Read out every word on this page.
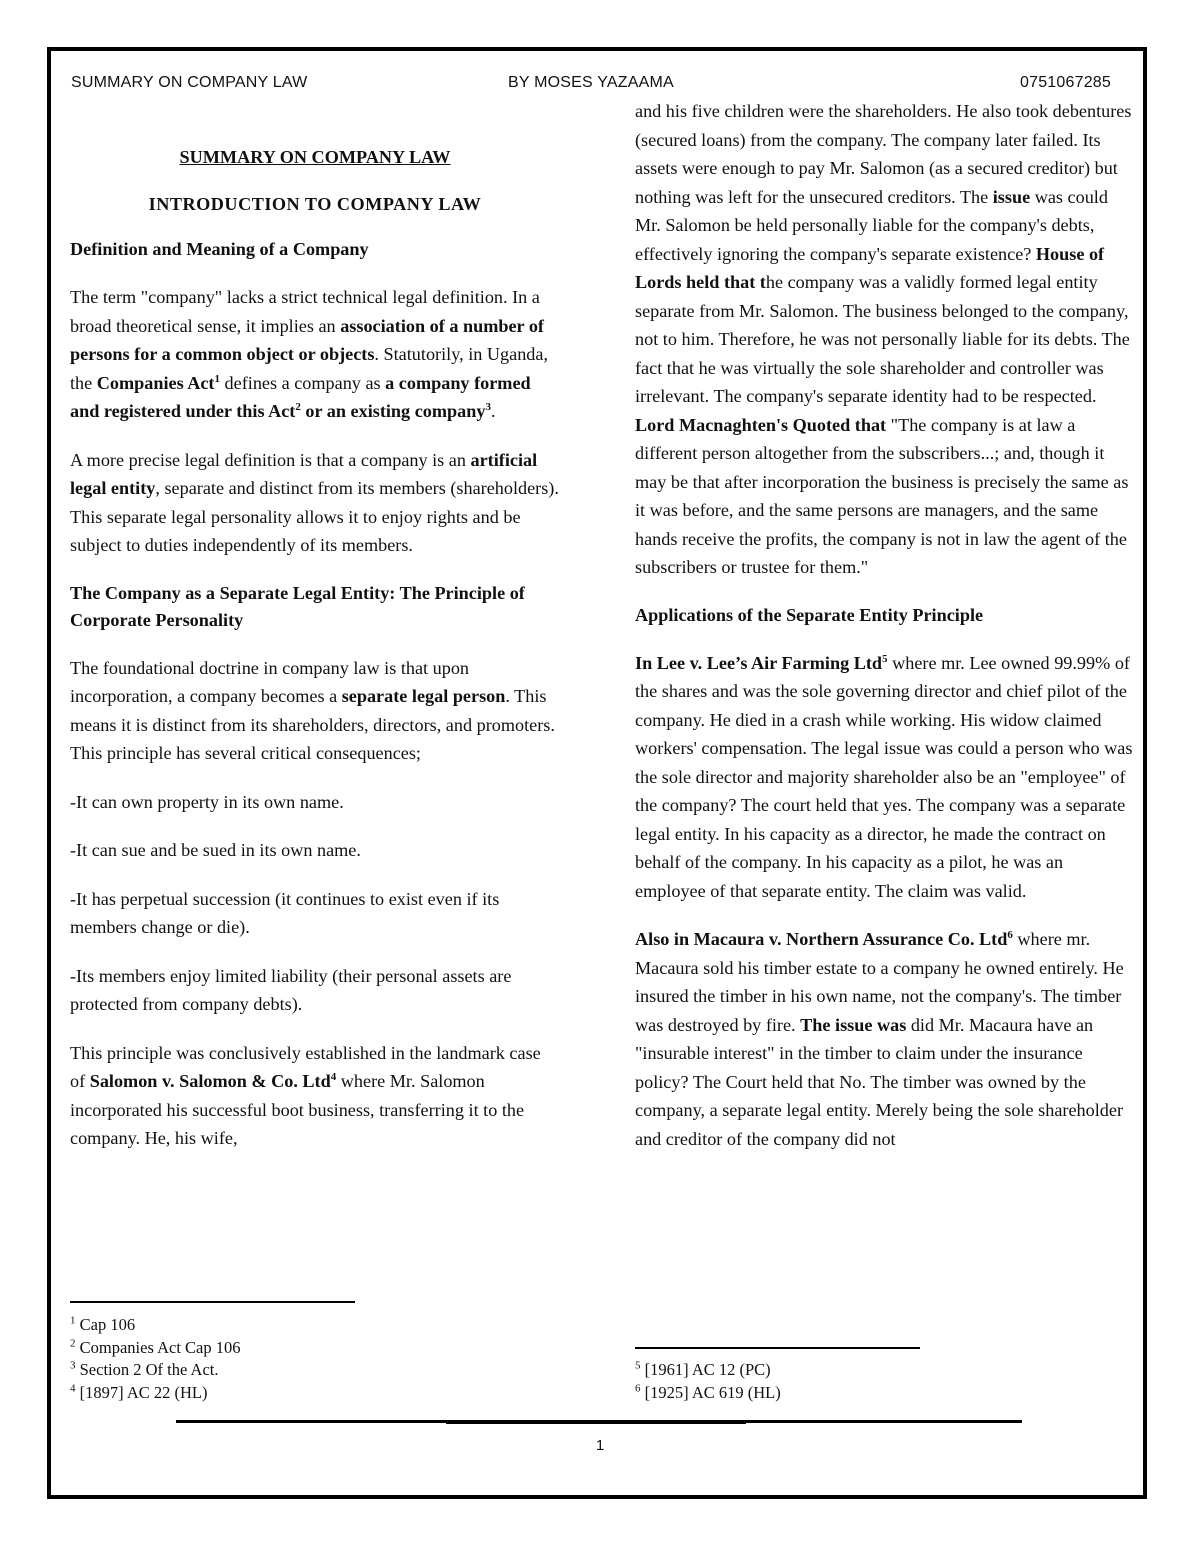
SUMMARY ON COMPANY LAW	BY MOSES YAZAAMA	0751067285

SUMMARY ON COMPANY LAW

INTRODUCTION TO COMPANY LAW

Definition and Meaning of a Company

The term "company" lacks a strict technical legal definition. In a broad theoretical sense, it implies an association of a number of persons for a common object or objects. Statutorily, in Uganda, the Companies Act$^1$ defines a company as a company formed and registered under this Act$^2$ or an existing company$^3$.

A more precise legal definition is that a company is an artificial legal entity, separate and distinct from its members (shareholders). This separate legal personality allows it to enjoy rights and be subject to duties independently of its members.

The Company as a Separate Legal Entity: The Principle of Corporate Personality

The foundational doctrine in company law is that upon incorporation, a company becomes a separate legal person. This means it is distinct from its shareholders, directors, and promoters. This principle has several critical consequences;

-It can own property in its own name.

-It can sue and be sued in its own name.

-It has perpetual succession (it continues to exist even if its members change or die).

-Its members enjoy limited liability (their personal assets are protected from company debts).

This principle was conclusively established in the landmark case of Salomon v. Salomon & Co. Ltd$^4$ where Mr. Salomon incorporated his successful boot business, transferring it to the company. He, his wife,

$^1$ Cap 106
$^2$ Companies Act Cap 106
$^3$ Section 2 Of the Act.
$^4$ [1897] AC 22 (HL)

and his five children were the shareholders. He also took debentures (secured loans) from the company. The company later failed. Its assets were enough to pay Mr. Salomon (as a secured creditor) but nothing was left for the unsecured creditors. The issue was could Mr. Salomon be held personally liable for the company's debts, effectively ignoring the company's separate existence? House of Lords held that the company was a validly formed legal entity separate from Mr. Salomon. The business belonged to the company, not to him. Therefore, he was not personally liable for its debts. The fact that he was virtually the sole shareholder and controller was irrelevant. The company's separate identity had to be respected. Lord Macnaghten's Quoted that "The company is at law a different person altogether from the subscribers...; and, though it may be that after incorporation the business is precisely the same as it was before, and the same persons are managers, and the same hands receive the profits, the company is not in law the agent of the subscribers or trustee for them."

Applications of the Separate Entity Principle

In Lee v. Lee’s Air Farming Ltd$^5$ where mr. Lee owned 99.99% of the shares and was the sole governing director and chief pilot of the company. He died in a crash while working. His widow claimed workers' compensation. The legal issue was could a person who was the sole director and majority shareholder also be an "employee" of the company? The court held that yes. The company was a separate legal entity. In his capacity as a director, he made the contract on behalf of the company. In his capacity as a pilot, he was an employee of that separate entity. The claim was valid.

Also in Macaura v. Northern Assurance Co. Ltd$^6$ where mr. Macaura sold his timber estate to a company he owned entirely. He insured the timber in his own name, not the company's. The timber was destroyed by fire. The issue was did Mr. Macaura have an "insurable interest" in the timber to claim under the insurance policy? The Court held that No. The timber was owned by the company, a separate legal entity. Merely being the sole shareholder and creditor of the company did not

$^5$ [1961] AC 12 (PC)
$^6$ [1925] AC 619 (HL)
1
